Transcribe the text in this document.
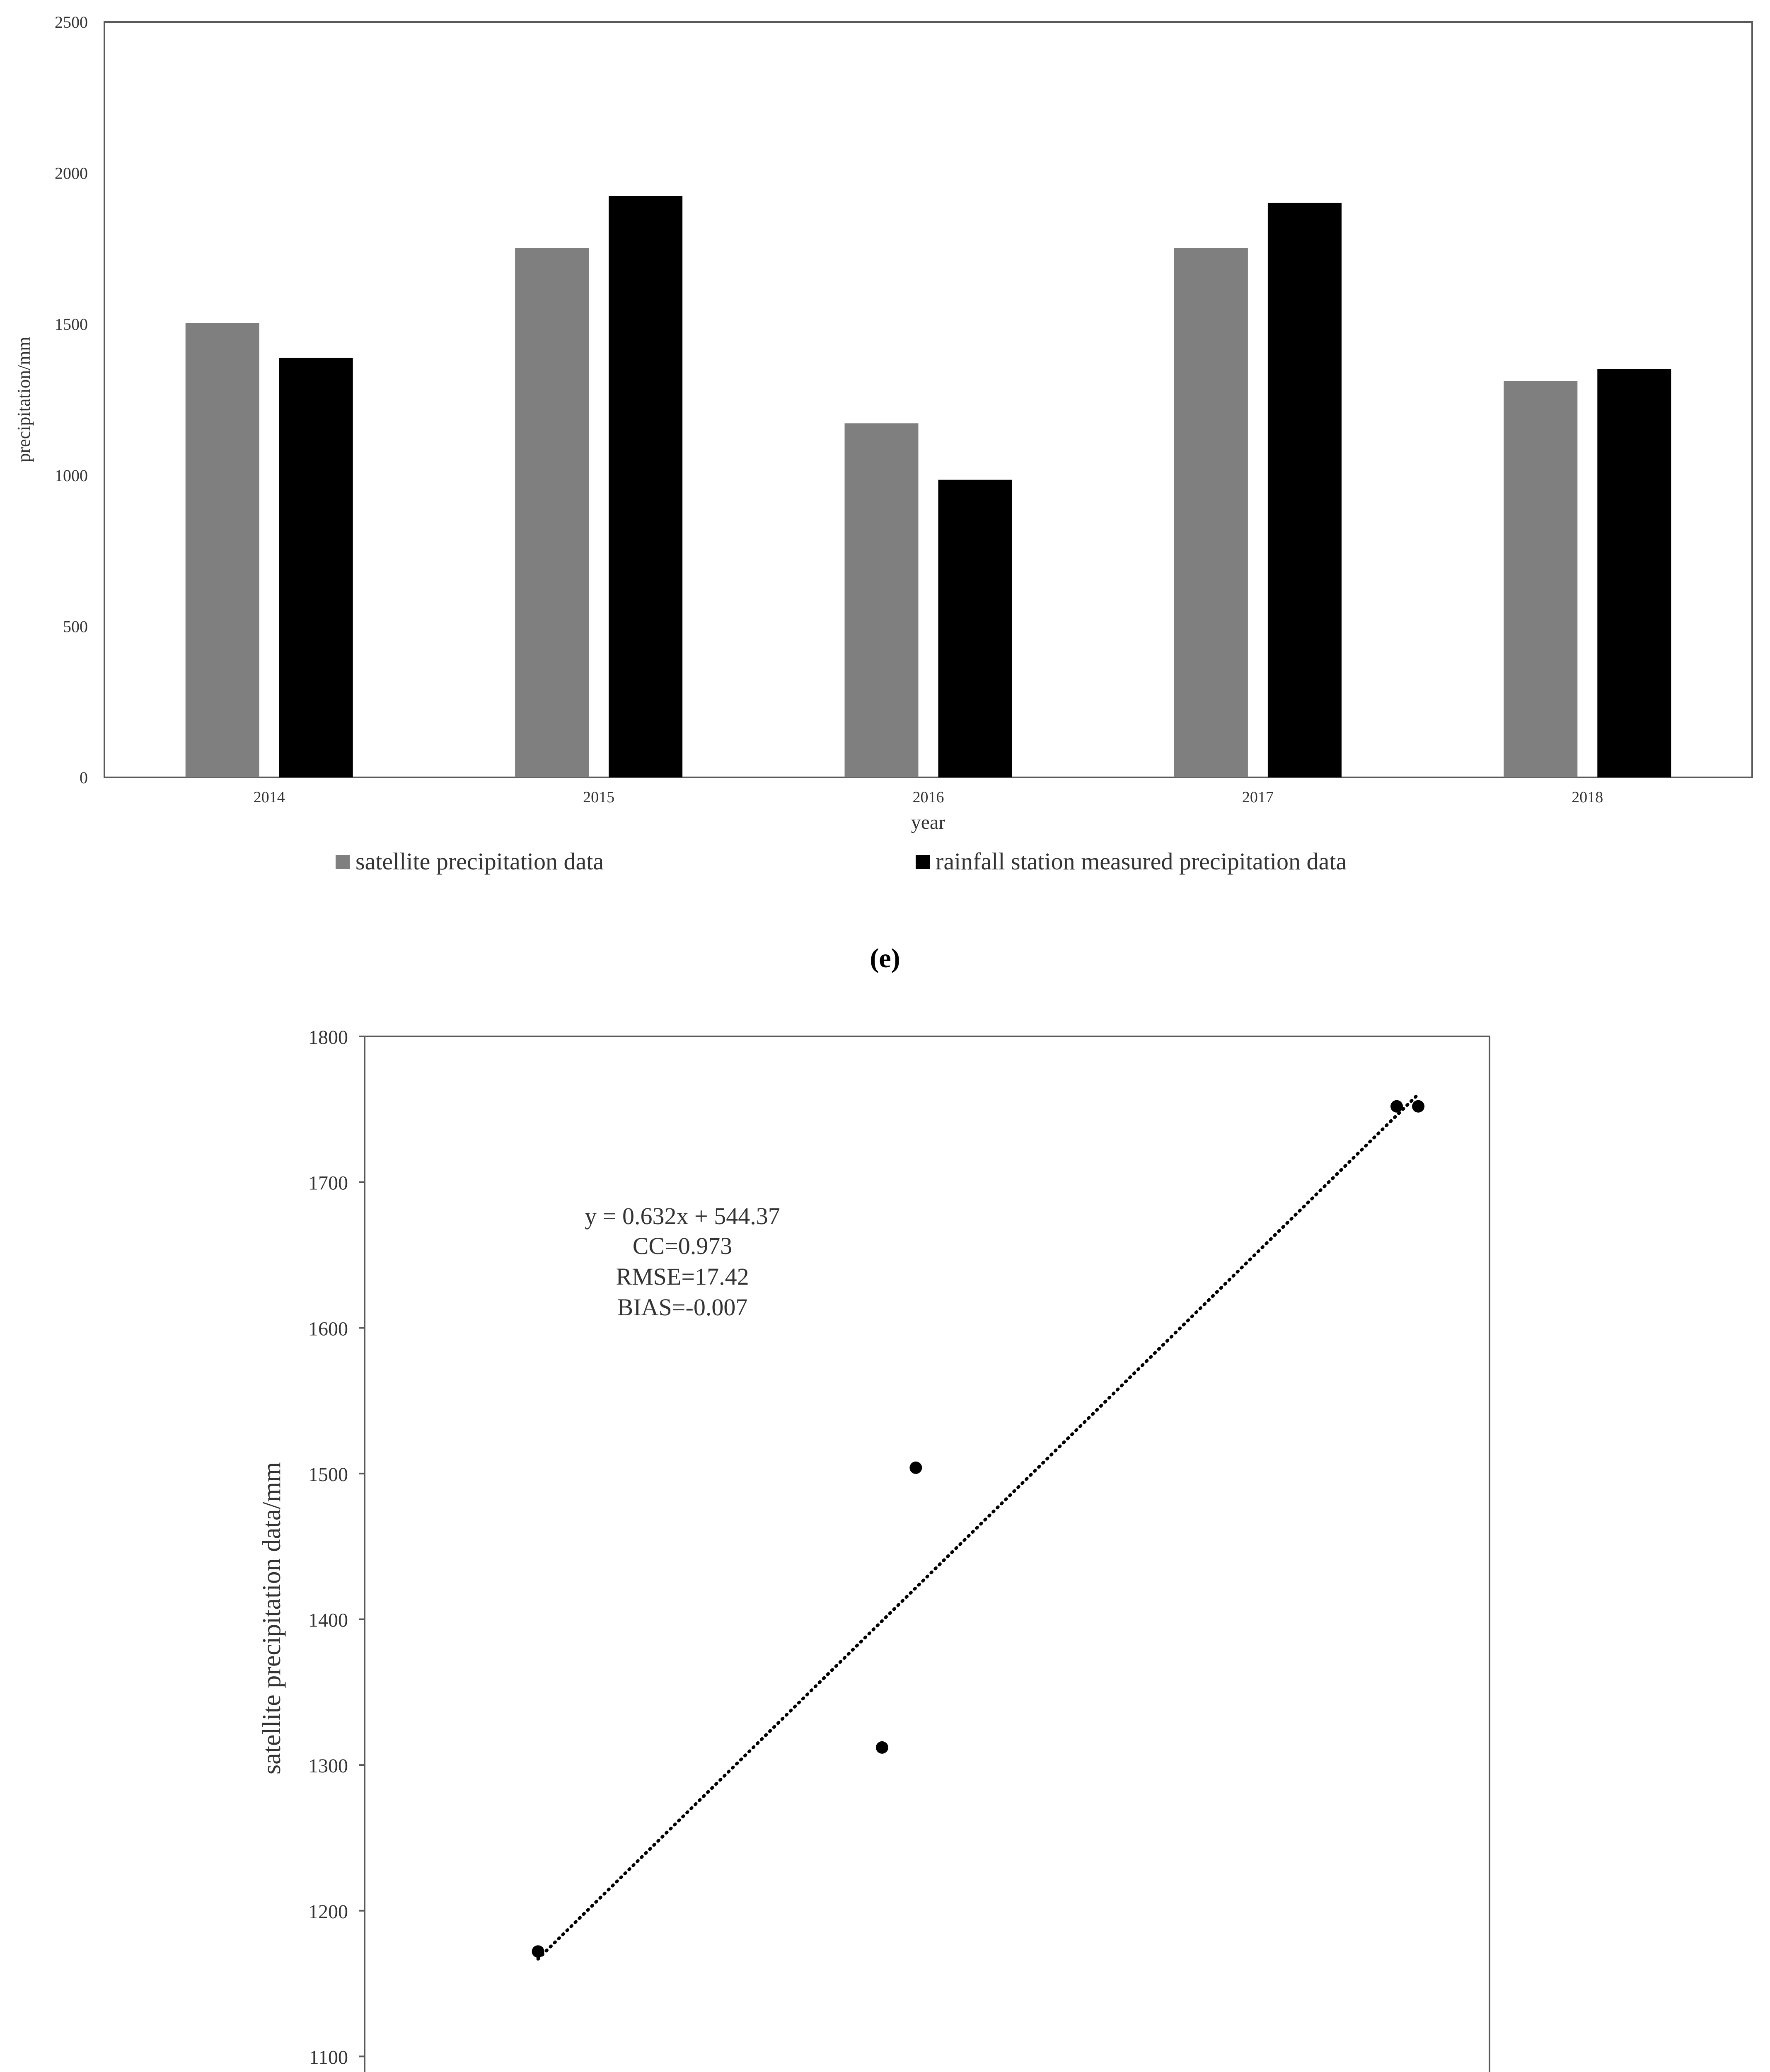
0
500
1000
1500
2000
2500
2014	2015	2016	2017	2018
precipitation/mm
year
satellite precipitation data	rainfall station measured precipitation data
(e)
1100
1200
1300
1400
1500
1600
1700
1800
y = 0.632x + 544.37
CC=0.973
RMSE=17.42
BIAS=-0.007
satellite precipitation data/mm
